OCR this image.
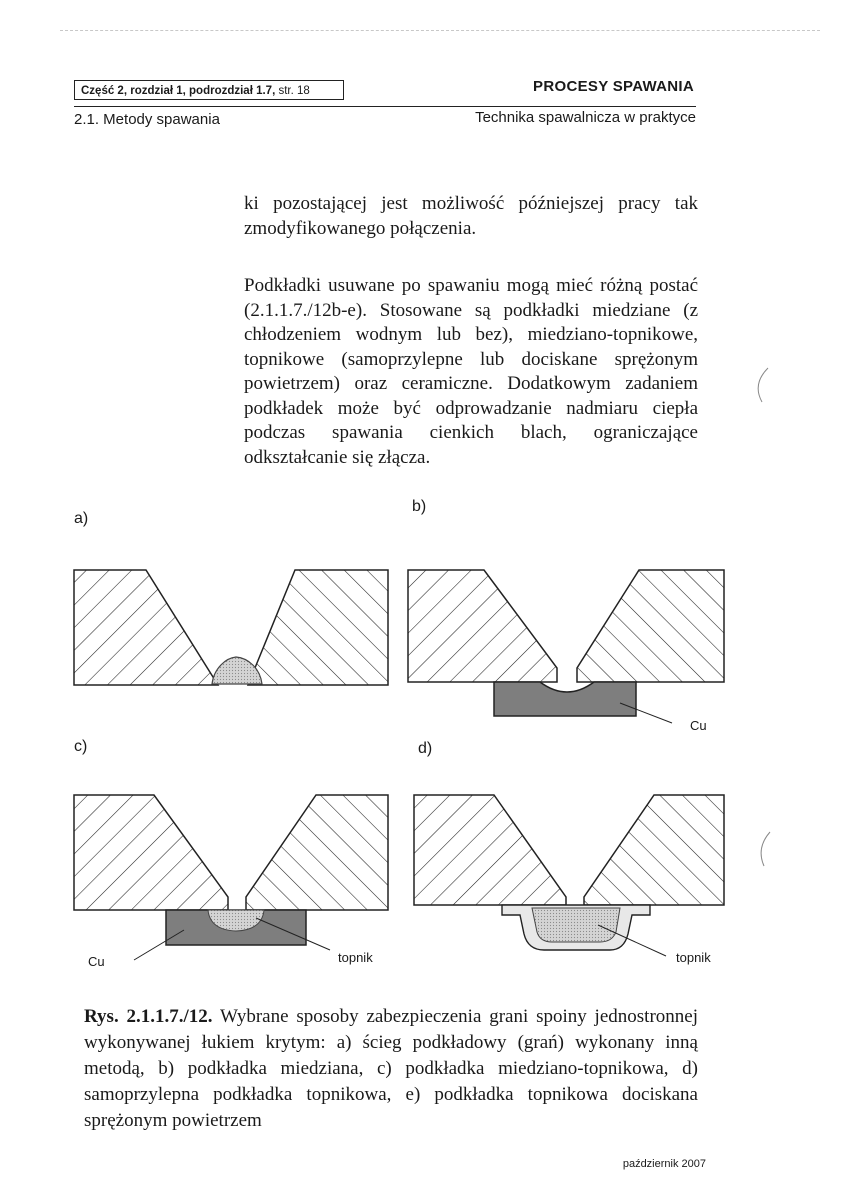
Część 2, rozdział 1, podrozdział 1.7, str. 18	PROCESY SPAWANIA
2.1. Metody spawania	Technika spawalnicza w praktyce
ki pozostającej jest możliwość późniejszej pracy tak zmodyfikowanego połączenia.
Podkładki usuwane po spawaniu mogą mieć różną postać (2.1.1.7./12b-e). Stosowane są podkładki miedziane (z chłodzeniem wodnym lub bez), miedziano-topnikowe, topnikowe (samoprzylepne lub dociskane sprężonym powietrzem) oraz ceramiczne. Dodatkowym zadaniem podkładek może być odprowadzanie nadmiaru ciepła podczas spawania cienkich blach, ograniczające odkształcanie się złącza.
a)
b)
c)	d)
Cu
Cu	topnik	topnik
Rys. 2.1.1.7./12. Wybrane sposoby zabezpieczenia grani spoiny jednostronnej wykonywanej łukiem krytym: a) ścieg podkładowy (grań) wykonany inną metodą, b) podkładka miedziana, c) podkładka miedziano-topnikowa, d) samoprzylepna podkładka topnikowa, e) podkładka topnikowa dociskana sprężonym powietrzem
październik 2007
